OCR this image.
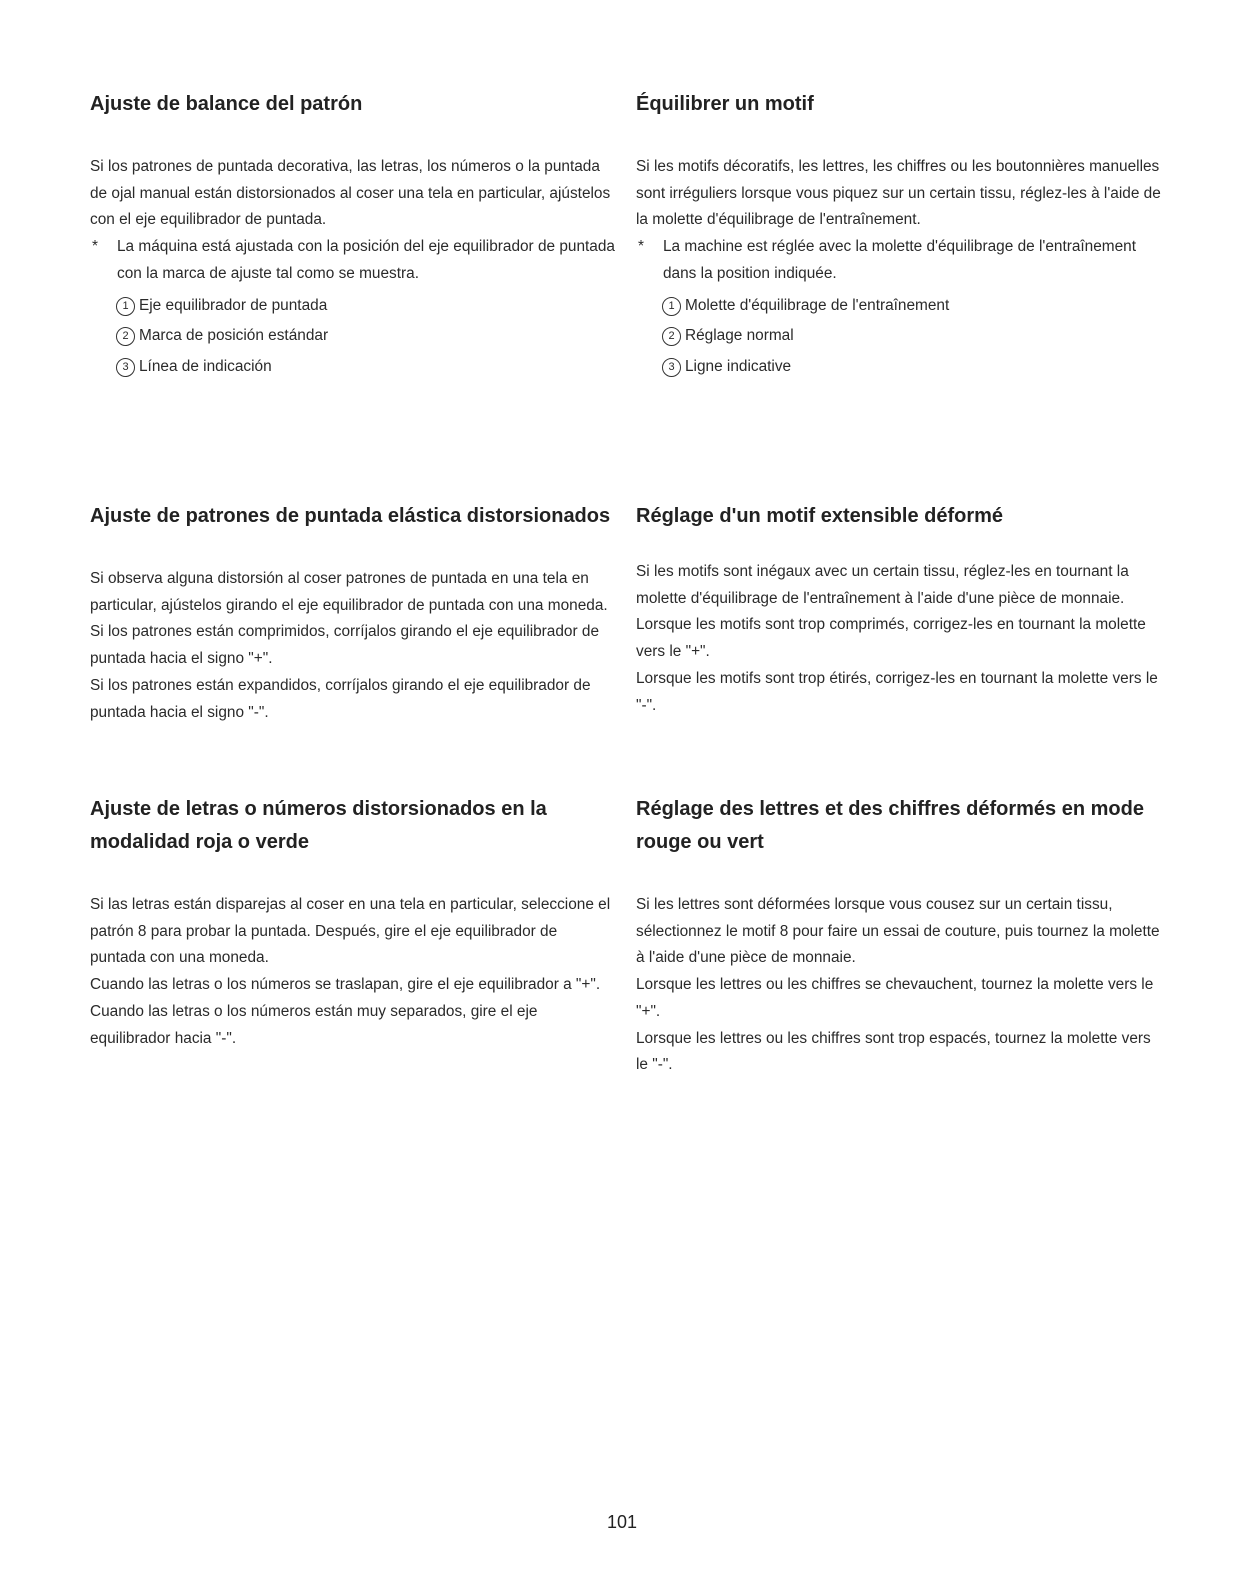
Ajuste de balance del patrón

Si los patrones de puntada decorativa, las letras, los números o la puntada de ojal manual están distorsionados al coser una tela en particular, ajústelos con el eje equilibrador de puntada.

*	La máquina está ajustada con la posición del eje equilibrador de puntada con la marca de ajuste tal como se muestra.
1 Eje equilibrador de puntada
2 Marca de posición estándar
3 Línea de indicación
Équilibrer un motif

Si les motifs décoratifs, les lettres, les chiffres ou les boutonnières manuelles sont irréguliers lorsque vous piquez sur un certain tissu, réglez-les à l'aide de la molette d'équilibrage de l'entraînement.

*	La machine est réglée avec la molette d'équilibrage de l'entraînement dans la position indiquée.
1 Molette d'équilibrage de l'entraînement
2 Réglage normal
3 Ligne indicative
Ajuste de patrones de puntada elástica distorsionados

Si observa alguna distorsión al coser patrones de puntada en una tela en particular, ajústelos girando el eje equilibrador de puntada con una moneda.

Si los patrones están comprimidos, corríjalos girando el eje equilibrador de puntada hacia el signo "+".

Si los patrones están expandidos, corríjalos girando el eje equilibrador de puntada hacia el signo "-".

Réglage d'un motif extensible déformé

Si les motifs sont inégaux avec un certain tissu, réglez-les en tournant la molette d'équilibrage de l'entraînement à l'aide d'une pièce de monnaie.

Lorsque les motifs sont trop comprimés, corrigez-les en tournant la molette vers le "+".

Lorsque les motifs sont trop étirés, corrigez-les en tournant la molette vers le "-".

Ajuste de letras o números distorsionados en la modalidad roja o verde

Si las letras están disparejas al coser en una tela en particular, seleccione el patrón 8 para probar la puntada. Después, gire el eje equilibrador de puntada con una moneda.

Cuando las letras o los números se traslapan, gire el eje equilibrador a "+".

Cuando las letras o los números están muy separados, gire el eje equilibrador hacia "-".

Réglage des lettres et des chiffres déformés en mode rouge ou vert

Si les lettres sont déformées lorsque vous cousez sur un certain tissu, sélectionnez le motif 8 pour faire un essai de couture, puis tournez la molette à l'aide d'une pièce de monnaie.

Lorsque les lettres ou les chiffres se chevauchent, tournez la molette vers le "+".

Lorsque les lettres ou les chiffres sont trop espacés, tournez la molette vers le "-".

101
